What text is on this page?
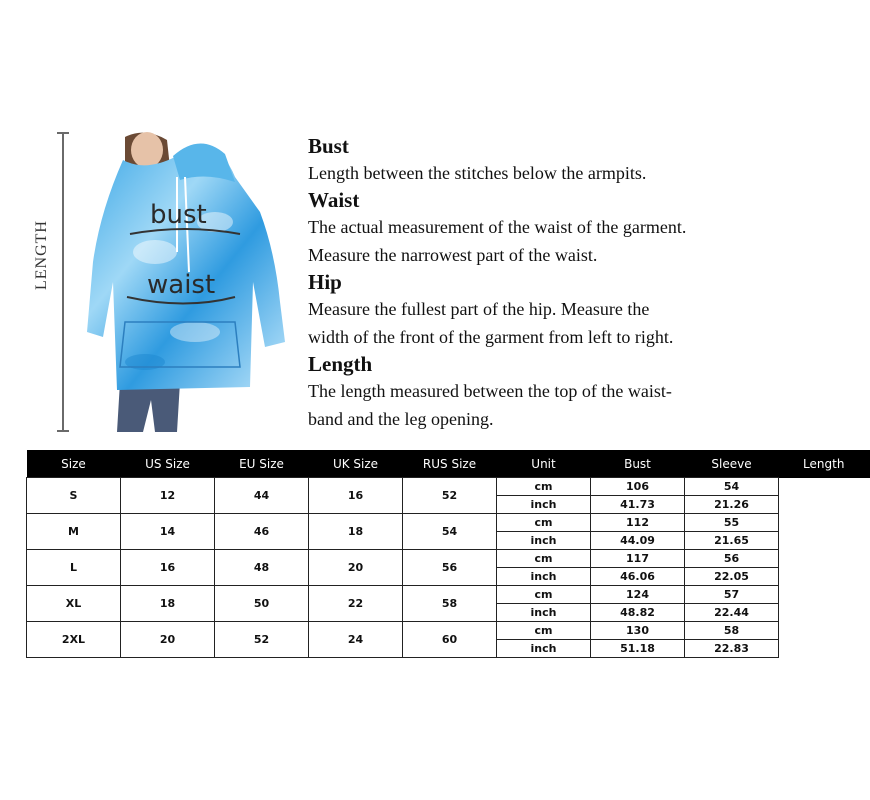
LENGTH
bust
waist
Bust
Length between the stitches below the armpits.
Waist
The actual measurement of the waist of the garment.
Measure the narrowest part of the waist.
Hip
Measure the fullest part of the hip. Measure the
width of the front of the garment from left to right.
Length
The length measured between the top of the waist-
band and the leg opening.
Size	US Size	EU Size	UK Size	RUS Size	Unit	Bust	Sleeve	Length
S	12	44	16	52	cm	106	54	
					inch	41.73	21.26	
M	14	46	18	54	cm	112	55	
					inch	44.09	21.65	
L	16	48	20	56	cm	117	56	
					inch	46.06	22.05	
XL	18	50	22	58	cm	124	57	
					inch	48.82	22.44	
2XL	20	52	24	60	cm	130	58	
					inch	51.18	22.83	
